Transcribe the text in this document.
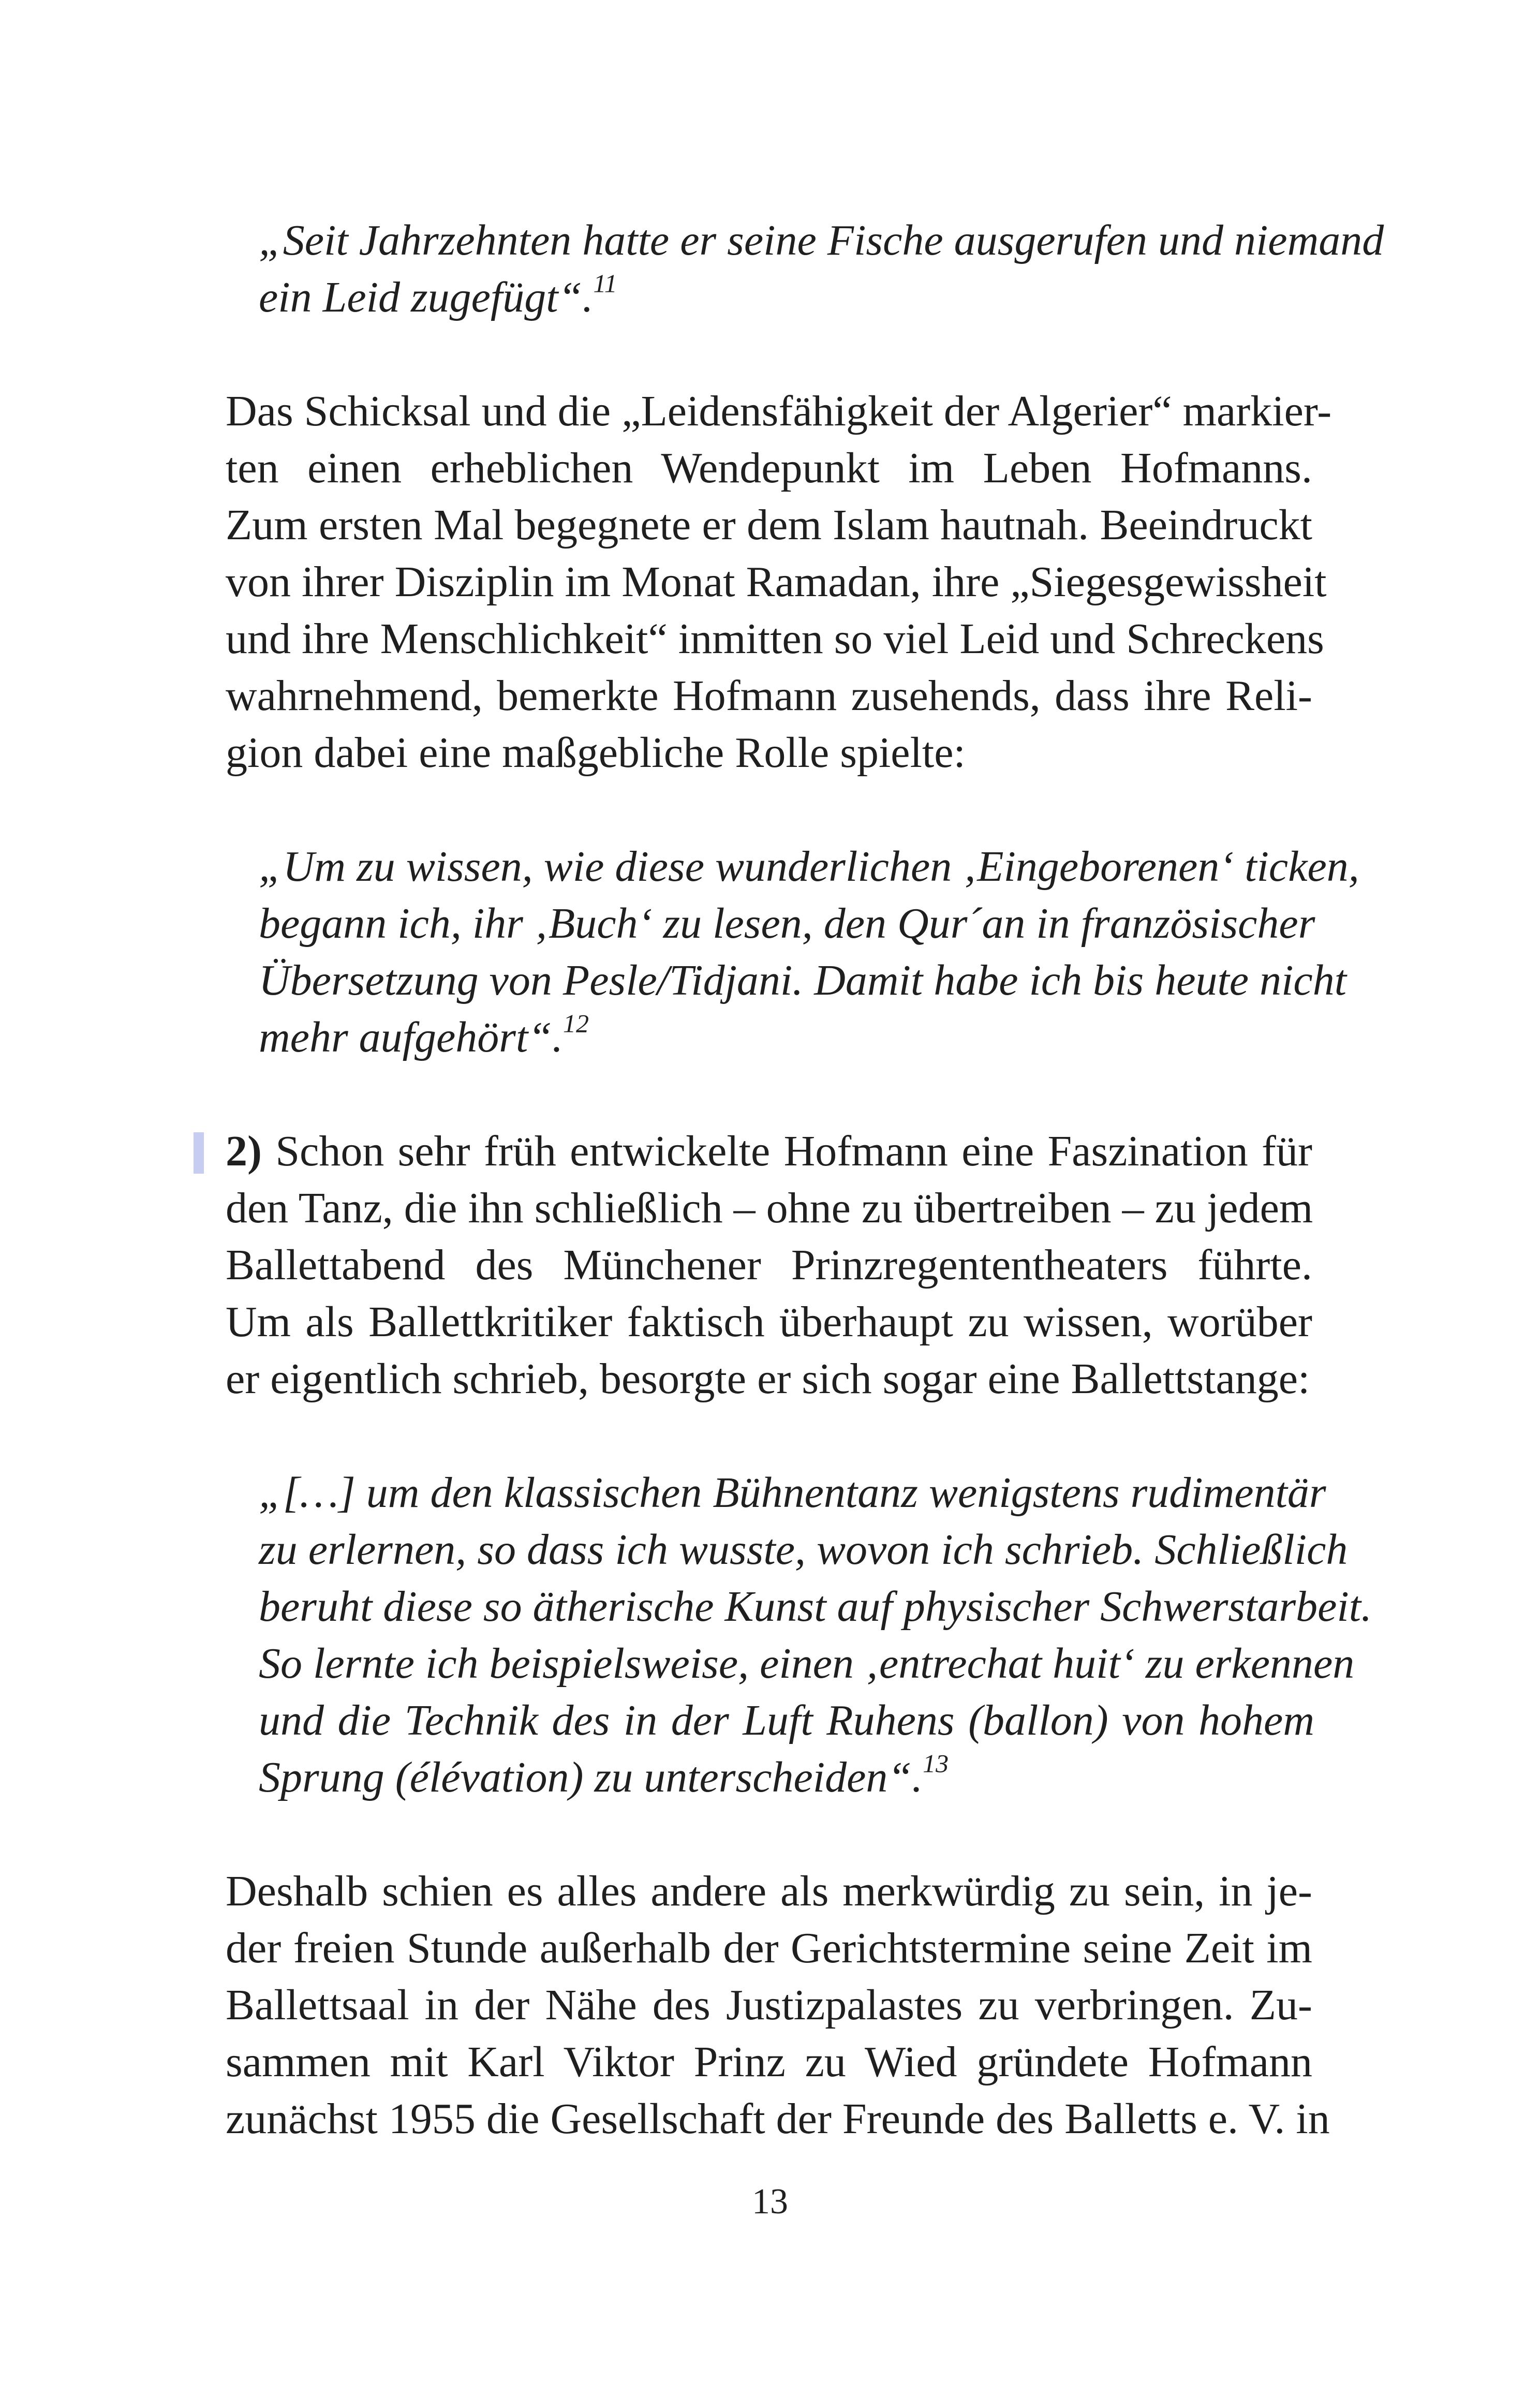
„Seit Jahrzehnten hatte er seine Fische ausgerufen und niemand
ein Leid zugefügt“.$^{11}$
Das Schicksal und die „Leidensfähigkeit der Algerier“ markier-
ten einen erheblichen Wendepunkt im Leben Hofmanns.
Zum ersten Mal begegnete er dem Islam hautnah. Beeindruckt
von ihrer Disziplin im Monat Ramadan, ihre „Siegesgewissheit
und ihre Menschlichkeit“ inmitten so viel Leid und Schreckens
wahrnehmend, bemerkte Hofmann zusehends, dass ihre Reli-
gion dabei eine maßgebliche Rolle spielte:
„Um zu wissen, wie diese wunderlichen ‚Eingeborenen‘ ticken,
begann ich, ihr ‚Buch‘ zu lesen, den Qur´an in französischer
Übersetzung von Pesle/Tidjani. Damit habe ich bis heute nicht
mehr aufgehört“.$^{12}$
2) Schon sehr früh entwickelte Hofmann eine Faszination für
den Tanz, die ihn schließlich – ohne zu übertreiben – zu jedem
Ballettabend des Münchener Prinzregententheaters führte.
Um als Ballettkritiker faktisch überhaupt zu wissen, worüber
er eigentlich schrieb, besorgte er sich sogar eine Ballettstange:
„[…] um den klassischen Bühnentanz wenigstens rudimentär
zu erlernen, so dass ich wusste, wovon ich schrieb. Schließlich
beruht diese so ätherische Kunst auf physischer Schwerstarbeit.
So lernte ich beispielsweise, einen ‚entrechat huit‘ zu erkennen
und die Technik des in der Luft Ruhens (ballon) von hohem
Sprung (élévation) zu unterscheiden“.$^{13}$
Deshalb schien es alles andere als merkwürdig zu sein, in je-
der freien Stunde außerhalb der Gerichtstermine seine Zeit im
Ballettsaal in der Nähe des Justizpalastes zu verbringen. Zu-
sammen mit Karl Viktor Prinz zu Wied gründete Hofmann
zunächst 1955 die Gesellschaft der Freunde des Balletts e. V. in
13
